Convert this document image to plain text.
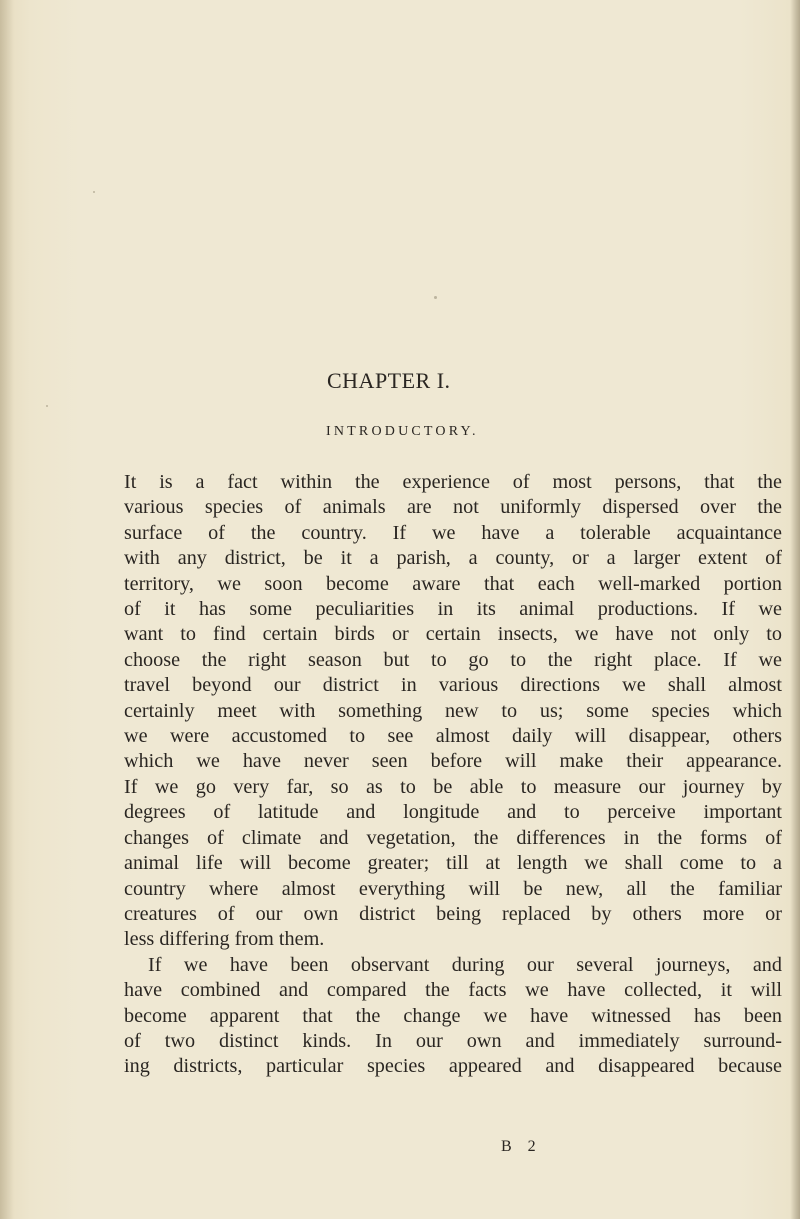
CHAPTER I.
INTRODUCTORY.

It is a fact within the experience of most persons, that the
various species of animals are not uniformly dispersed over the
surface of the country. If we have a tolerable acquaintance
with any district, be it a parish, a county, or a larger extent of
territory, we soon become aware that each well-marked portion
of it has some peculiarities in its animal productions. If we
want to find certain birds or certain insects, we have not only to
choose the right season but to go to the right place. If we
travel beyond our district in various directions we shall almost
certainly meet with something new to us; some species which
we were accustomed to see almost daily will disappear, others
which we have never seen before will make their appearance.
If we go very far, so as to be able to measure our journey by
degrees of latitude and longitude and to perceive important
changes of climate and vegetation, the differences in the forms of
animal life will become greater; till at length we shall come to a
country where almost everything will be new, all the familiar
creatures of our own district being replaced by others more or
less differing from them.

If we have been observant during our several journeys, and
have combined and compared the facts we have collected, it will
become apparent that the change we have witnessed has been
of two distinct kinds. In our own and immediately surround-
ing districts, particular species appeared and disappeared because

B 2
